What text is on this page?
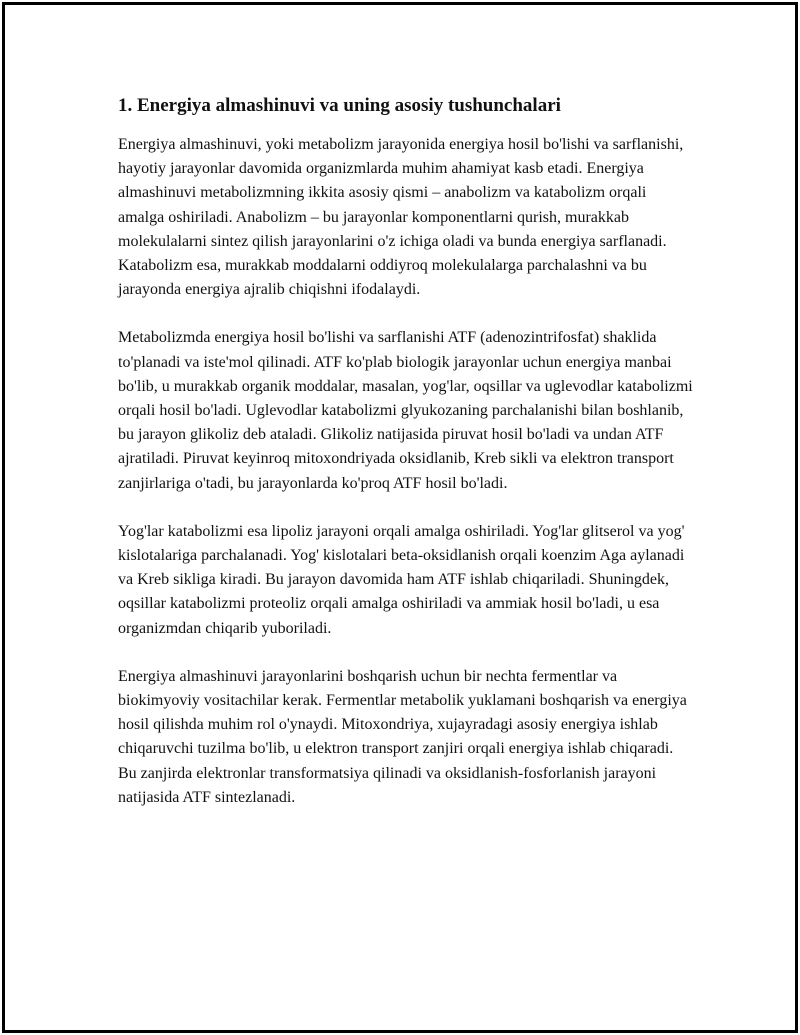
1. Energiya almashinuvi va uning asosiy tushunchalari

Energiya almashinuvi, yoki metabolizm jarayonida energiya hosil bo'lishi va sarflanishi, hayotiy jarayonlar davomida organizmlarda muhim ahamiyat kasb etadi. Energiya almashinuvi metabolizmning ikkita asosiy qismi – anabolizm va katabolizm orqali amalga oshiriladi. Anabolizm – bu jarayonlar komponentlarni qurish, murakkab molekulalarni sintez qilish jarayonlarini o'z ichiga oladi va bunda energiya sarflanadi. Katabolizm esa, murakkab moddalarni oddiyroq molekulalarga parchalashni va bu jarayonda energiya ajralib chiqishni ifodalaydi.

Metabolizmda energiya hosil bo'lishi va sarflanishi ATF (adenozintrifosfat) shaklida to'planadi va iste'mol qilinadi. ATF ko'plab biologik jarayonlar uchun energiya manbai bo'lib, u murakkab organik moddalar, masalan, yog'lar, oqsillar va uglevodlar katabolizmi orqali hosil bo'ladi. Uglevodlar katabolizmi glyukozaning parchalanishi bilan boshlanib, bu jarayon glikoliz deb ataladi. Glikoliz natijasida piruvat hosil bo'ladi va undan ATF ajratiladi. Piruvat keyinroq mitoxondriyada oksidlanib, Kreb sikli va elektron transport zanjirlariga o'tadi, bu jarayonlarda ko'proq ATF hosil bo'ladi.

Yog'lar katabolizmi esa lipoliz jarayoni orqali amalga oshiriladi. Yog'lar glitserol va yog' kislotalariga parchalanadi. Yog' kislotalari beta-oksidlanish orqali koenzim Aga aylanadi va Kreb sikliga kiradi. Bu jarayon davomida ham ATF ishlab chiqariladi. Shuningdek, oqsillar katabolizmi proteoliz orqali amalga oshiriladi va ammiak hosil bo'ladi, u esa organizmdan chiqarib yuboriladi.

Energiya almashinuvi jarayonlarini boshqarish uchun bir nechta fermentlar va biokimyoviy vositachilar kerak. Fermentlar metabolik yuklamani boshqarish va energiya hosil qilishda muhim rol o'ynaydi. Mitoxondriya, xujayradagi asosiy energiya ishlab chiqaruvchi tuzilma bo'lib, u elektron transport zanjiri orqali energiya ishlab chiqaradi. Bu zanjirda elektronlar transformatsiya qilinadi va oksidlanish-fosforlanish jarayoni natijasida ATF sintezlanadi.
